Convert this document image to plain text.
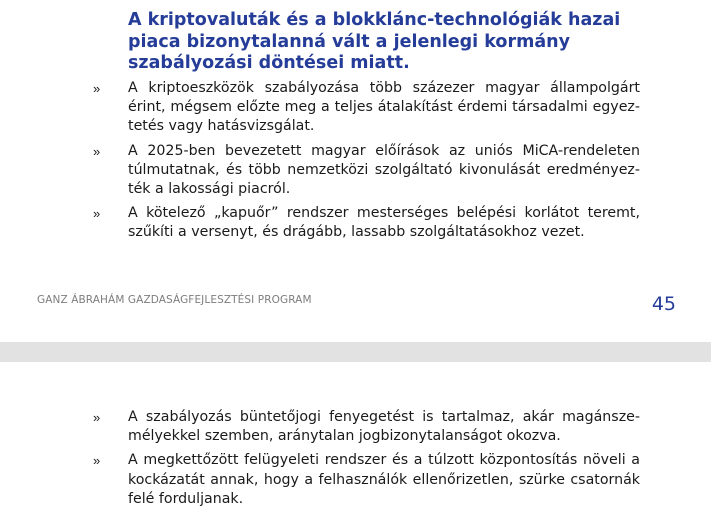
A kriptovaluták és a blokklánc-technológiák hazai piaca bizonytalanná vált a jelenlegi kormány szabályozási döntései miatt.
» A kriptoeszközök szabályozása több százezer magyar állampolgárt érint, mégsem előzte meg a teljes átalakítást érdemi társadalmi egyeztetés vagy hatásvizsgálat.
» A 2025-ben bevezetett magyar előírások az uniós MiCA-rendeleten túlmutatnak, és több nemzetközi szolgáltató kivonulását eredményezték a lakossági piacról.
» A kötelező „kapuőr” rendszer mesterséges belépési korlátot teremt, szűkíti a versenyt, és drágább, lassabb szolgáltatásokhoz vezet.
GANZ ÁBRAHÁM GAZDASÁGFEJLESZTÉSI PROGRAM	45
» A szabályozás büntetőjogi fenyegetést is tartalmaz, akár magánszemélyekkel szemben, aránytalan jogbizonytalanságot okozva.
» A megkettőzött felügyeleti rendszer és a túlzott központosítás növeli a kockázatát annak, hogy a felhasználók ellenőrizetlen, szürke csatornák felé forduljanak.
